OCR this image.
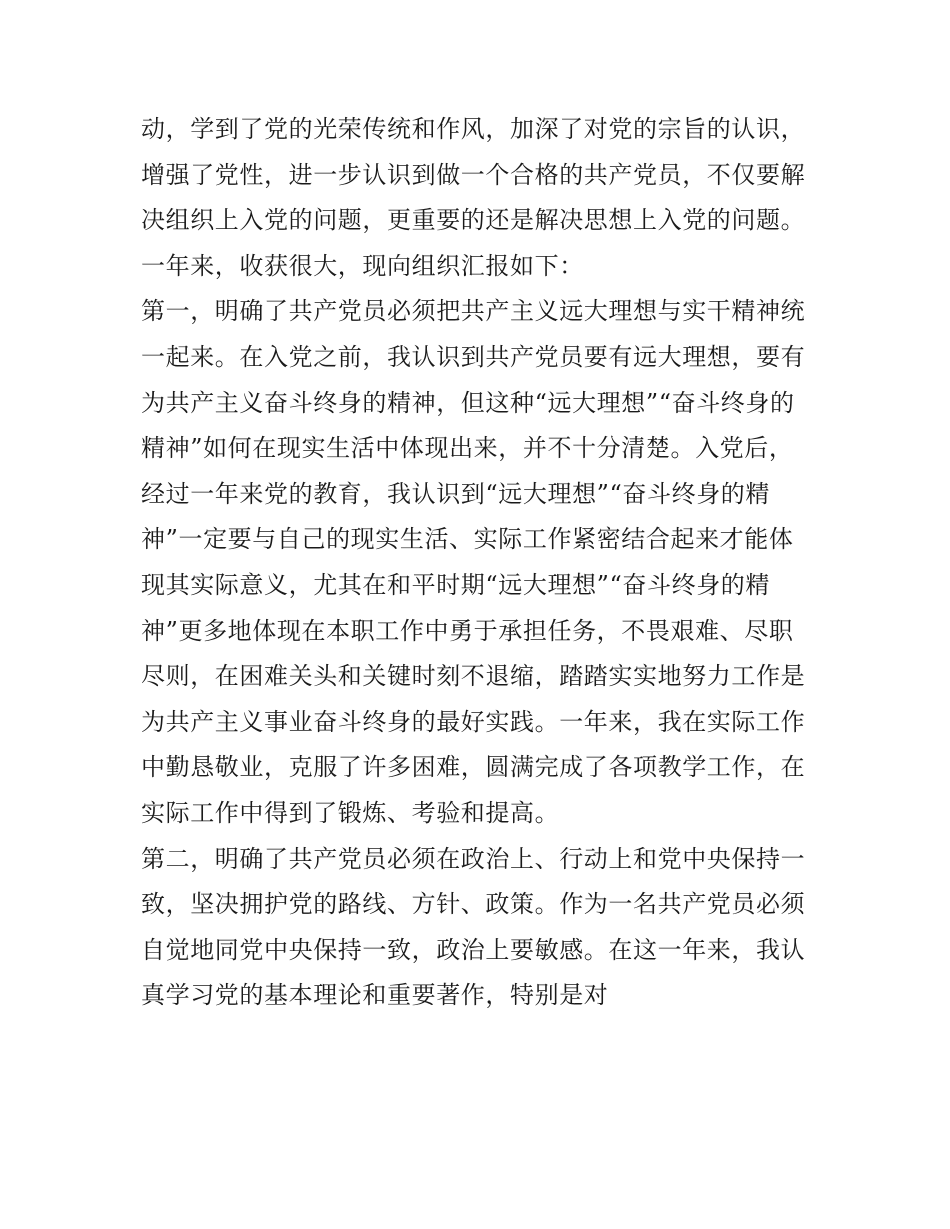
动，学到了党的光荣传统和作风，加深了对党的宗旨的认识，
增强了党性，进一步认识到做一个合格的共产党员，不仅要解
决组织上入党的问题，更重要的还是解决思想上入党的问题。
一年来，收获很大，现向组织汇报如下：
第一，明确了共产党员必须把共产主义远大理想与实干精神统
一起来。在入党之前，我认识到共产党员要有远大理想，要有
为共产主义奋斗终身的精神，但这种“远大理想”“奋斗终身的
精神”如何在现实生活中体现出来，并不十分清楚。入党后，
经过一年来党的教育，我认识到“远大理想”“奋斗终身的精
神”一定要与自己的现实生活、实际工作紧密结合起来才能体
现其实际意义，尤其在和平时期“远大理想”“奋斗终身的精
神”更多地体现在本职工作中勇于承担任务，不畏艰难、尽职
尽则，在困难关头和关键时刻不退缩，踏踏实实地努力工作是
为共产主义事业奋斗终身的最好实践。一年来，我在实际工作
中勤恳敬业，克服了许多困难，圆满完成了各项教学工作，在
实际工作中得到了锻炼、考验和提高。
第二，明确了共产党员必须在政治上、行动上和党中央保持一
致，坚决拥护党的路线、方针、政策。作为一名共产党员必须
自觉地同党中央保持一致，政治上要敏感。在这一年来，我认
真学习党的基本理论和重要著作，特别是对
